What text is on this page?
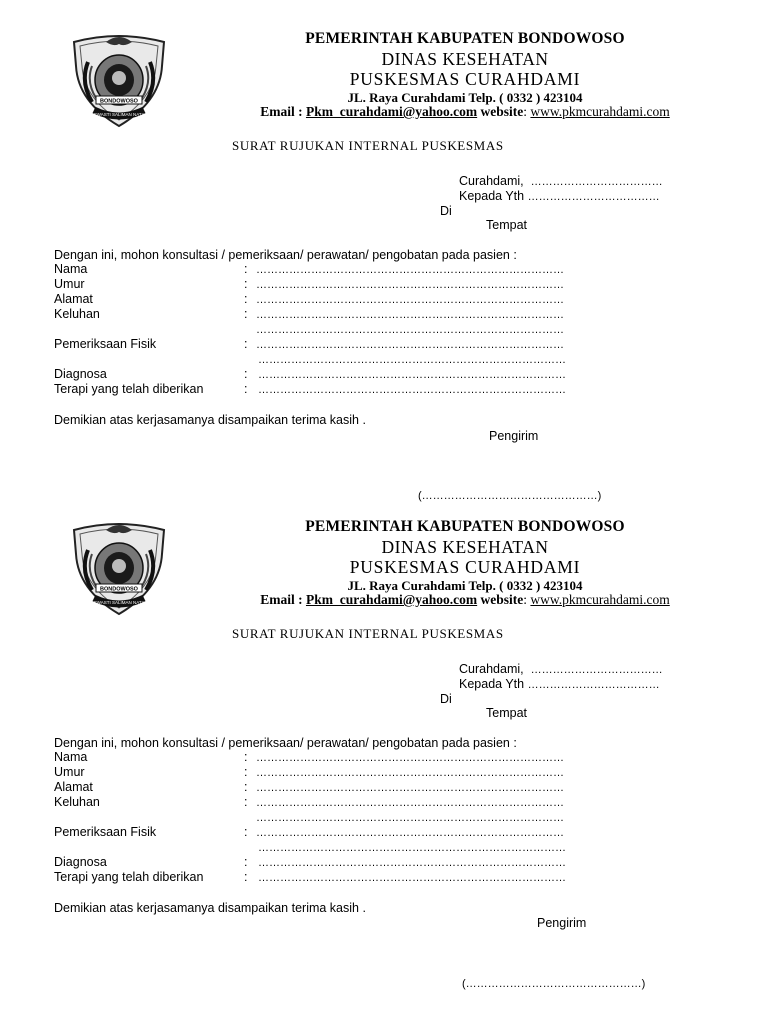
BONDOWOSO
SWASTI SALIMAN NATA
PEMERINTAH KABUPATEN BONDOWOSO
DINAS KESEHATAN
PUSKESMAS CURAHDAMI
JL. Raya Curahdami Telp. ( 0332 ) 423104
Email : Pkm_curahdami@yahoo.com website: www.pkmcurahdami.com
SURAT RUJUKAN INTERNAL PUSKESMAS
Curahdami, ………………………………
Kepada Yth ………………………………
Di
Tempat
Dengan ini, mohon konsultasi / pemeriksaan/ perawatan/ pengobatan pada pasien :
Nama	: …………………………………………………………………………
Umur	: …………………………………………………………………………
Alamat	: …………………………………………………………………………
Keluhan	: …………………………………………………………………………
…………………………………………………………………………
Pemeriksaan Fisik	: …………………………………………………………………………
…………………………………………………………………………
Diagnosa	: …………………………………………………………………………
Terapi yang telah diberikan	: …………………………………………………………………………
Demikian atas kerjasamanya disampaikan terima kasih .
Pengirim
(…………………………………………)
BONDOWOSO
SWASTI SALIMAN NATA
PEMERINTAH KABUPATEN BONDOWOSO
DINAS KESEHATAN
PUSKESMAS CURAHDAMI
JL. Raya Curahdami Telp. ( 0332 ) 423104
Email : Pkm_curahdami@yahoo.com website: www.pkmcurahdami.com
SURAT RUJUKAN INTERNAL PUSKESMAS
Curahdami, ………………………………
Kepada Yth ………………………………
Di
Tempat
Dengan ini, mohon konsultasi / pemeriksaan/ perawatan/ pengobatan pada pasien :
Nama	: …………………………………………………………………………
Umur	: …………………………………………………………………………
Alamat	: …………………………………………………………………………
Keluhan	: …………………………………………………………………………
…………………………………………………………………………
Pemeriksaan Fisik	: …………………………………………………………………………
…………………………………………………………………………
Diagnosa	: …………………………………………………………………………
Terapi yang telah diberikan	: …………………………………………………………………………
Demikian atas kerjasamanya disampaikan terima kasih .
Pengirim
(…………………………………………)
